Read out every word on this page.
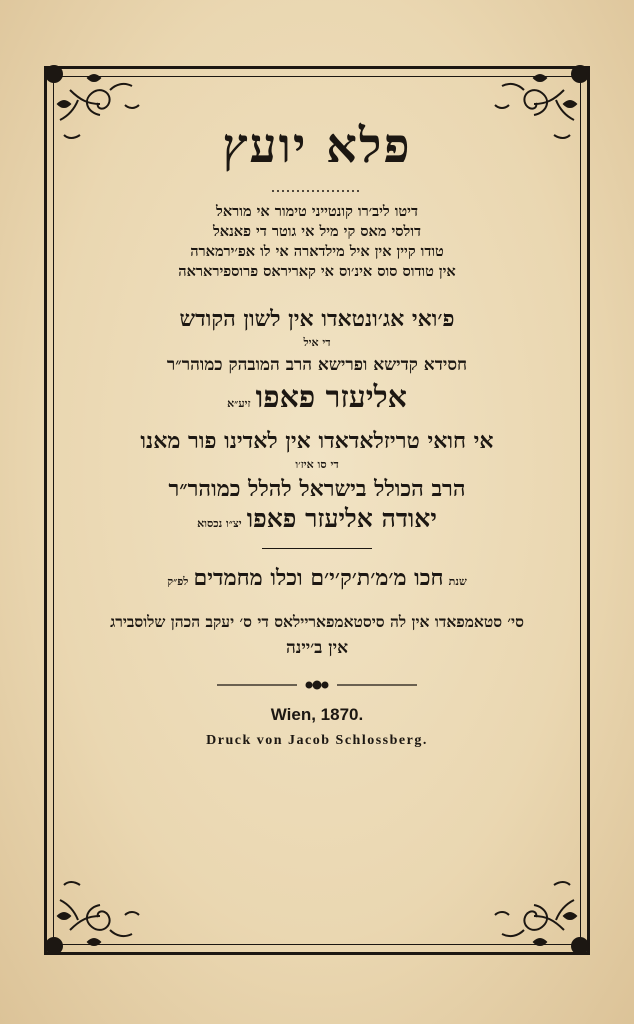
פלא יועץ
דיטו ליב׳רו קונטייני טימור אי מוראל
דולסי מאס קי מיל אי גוטר די פאנאל
טודו קיין אין איל מילדארה אי לו אפ׳ירמארה
אין טודוס סוס אינ׳וס אי קאריראס פרוספיראראה
פ׳ואי אג׳ונטאדו אין לשון הקודש
די איל
חסידא קדישא ופרישא הרב המובהק כמוהר״ר
אליעזר פאפו זיע״א
אי חואי טריזלאדאדו אין לאדינו פור מאנו
די סו איז׳ו
הרב הכולל בישראל להלל כמוהר״ר
יאודה אליעזר פאפו יצ״ו נכסוא
שנת חכו מ׳מ׳ת׳ק׳י׳ם וכלו מחמדים לפ״ק
סי׳ סטאמפאדו אין לה סיסטאמפאריילאס די ס׳ יעקב הכהן שלוסבירג
אין ב׳יינה
Wien, 1870.
Druck von Jacob Schlossberg.
